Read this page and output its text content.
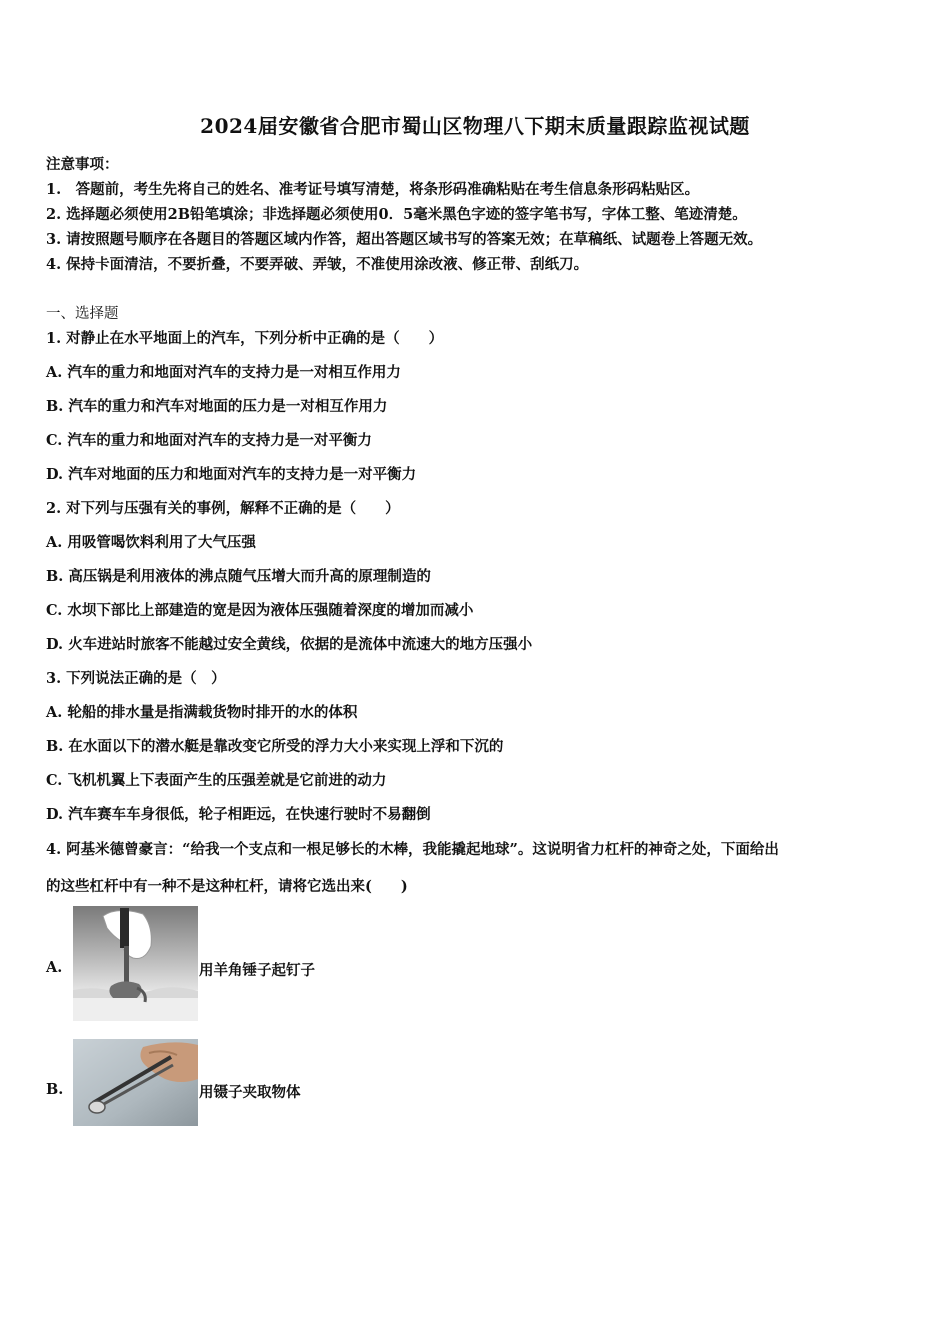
2024届安徽省合肥市蜀山区物理八下期末质量跟踪监视试题
注意事项：
1.　答题前，考生先将自己的姓名、准考证号填写清楚，将条形码准确粘贴在考生信息条形码粘贴区。
2. 选择题必须使用2B铅笔填涂；非选择题必须使用0．5毫米黑色字迹的签字笔书写，字体工整、笔迹清楚。
3. 请按照题号顺序在各题目的答题区域内作答，超出答题区域书写的答案无效；在草稿纸、试题卷上答题无效。
4. 保持卡面清洁，不要折叠，不要弄破、弄皱，不准使用涂改液、修正带、刮纸刀。
一、选择题
1. 对静止在水平地面上的汽车，下列分析中正确的是（　　）
A. 汽车的重力和地面对汽车的支持力是一对相互作用力
B. 汽车的重力和汽车对地面的压力是一对相互作用力
C. 汽车的重力和地面对汽车的支持力是一对平衡力
D. 汽车对地面的压力和地面对汽车的支持力是一对平衡力
2. 对下列与压强有关的事例，解释不正确的是（　　）
A. 用吸管喝饮料利用了大气压强
B. 高压锅是利用液体的沸点随气压增大而升高的原理制造的
C. 水坝下部比上部建造的宽是因为液体压强随着深度的增加而减小
D. 火车进站时旅客不能越过安全黄线，依据的是流体中流速大的地方压强小
3. 下列说法正确的是（　）
A. 轮船的排水量是指满载货物时排开的水的体积
B. 在水面以下的潜水艇是靠改变它所受的浮力大小来实现上浮和下沉的
C. 飞机机翼上下表面产生的压强差就是它前进的动力
D. 汽车赛车车身很低，轮子相距远，在快速行驶时不易翻倒
4. 阿基米德曾豪言：“给我一个支点和一根足够长的木棒，我能撬起地球”。这说明省力杠杆的神奇之处，下面给出
的这些杠杆中有一种不是这种杠杆，请将它选出来(　　)
A.	用羊角锤子起钉子
B.	用镊子夹取物体
